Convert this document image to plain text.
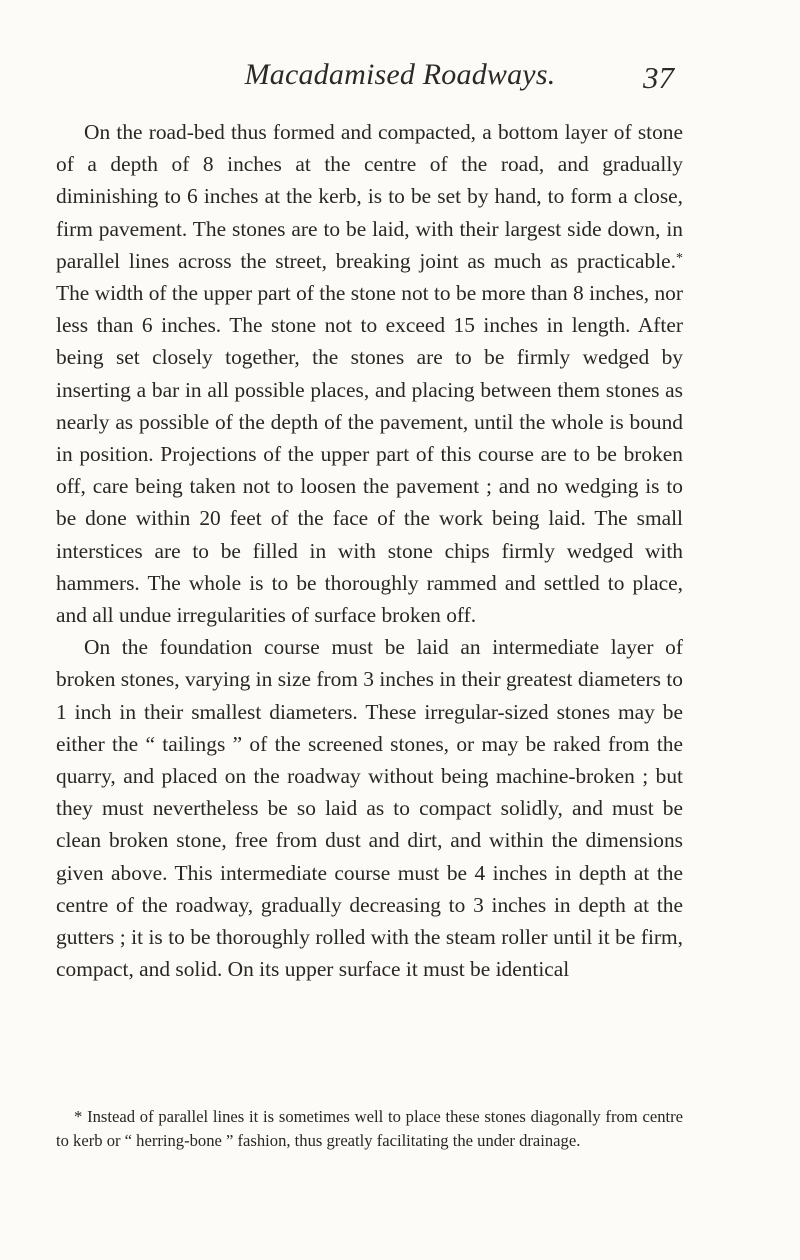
Macadamised Roadways.	37

On the road-bed thus formed and compacted, a bottom layer of stone of a depth of 8 inches at the centre of the road, and gradually diminishing to 6 inches at the kerb, is to be set by hand, to form a close, firm pavement. The stones are to be laid, with their largest side down, in parallel lines across the street, breaking joint as much as practicable.* The width of the upper part of the stone not to be more than 8 inches, nor less than 6 inches. The stone not to exceed 15 inches in length. After being set closely together, the stones are to be firmly wedged by inserting a bar in all possible places, and placing between them stones as nearly as possible of the depth of the pavement, until the whole is bound in position. Projections of the upper part of this course are to be broken off, care being taken not to loosen the pavement ; and no wedging is to be done within 20 feet of the face of the work being laid. The small interstices are to be filled in with stone chips firmly wedged with hammers. The whole is to be thoroughly rammed and settled to place, and all undue irregularities of surface broken off.

On the foundation course must be laid an intermediate layer of broken stones, varying in size from 3 inches in their greatest diameters to 1 inch in their smallest diameters. These irregular-sized stones may be either the “ tailings ” of the screened stones, or may be raked from the quarry, and placed on the roadway without being machine-broken ; but they must nevertheless be so laid as to compact solidly, and must be clean broken stone, free from dust and dirt, and within the dimensions given above. This intermediate course must be 4 inches in depth at the centre of the roadway, gradually decreasing to 3 inches in depth at the gutters ; it is to be thoroughly rolled with the steam roller until it be firm, compact, and solid. On its upper surface it must be identical

* Instead of parallel lines it is sometimes well to place these stones diagonally from centre to kerb or “ herring-bone ” fashion, thus greatly facilitating the under drainage.
